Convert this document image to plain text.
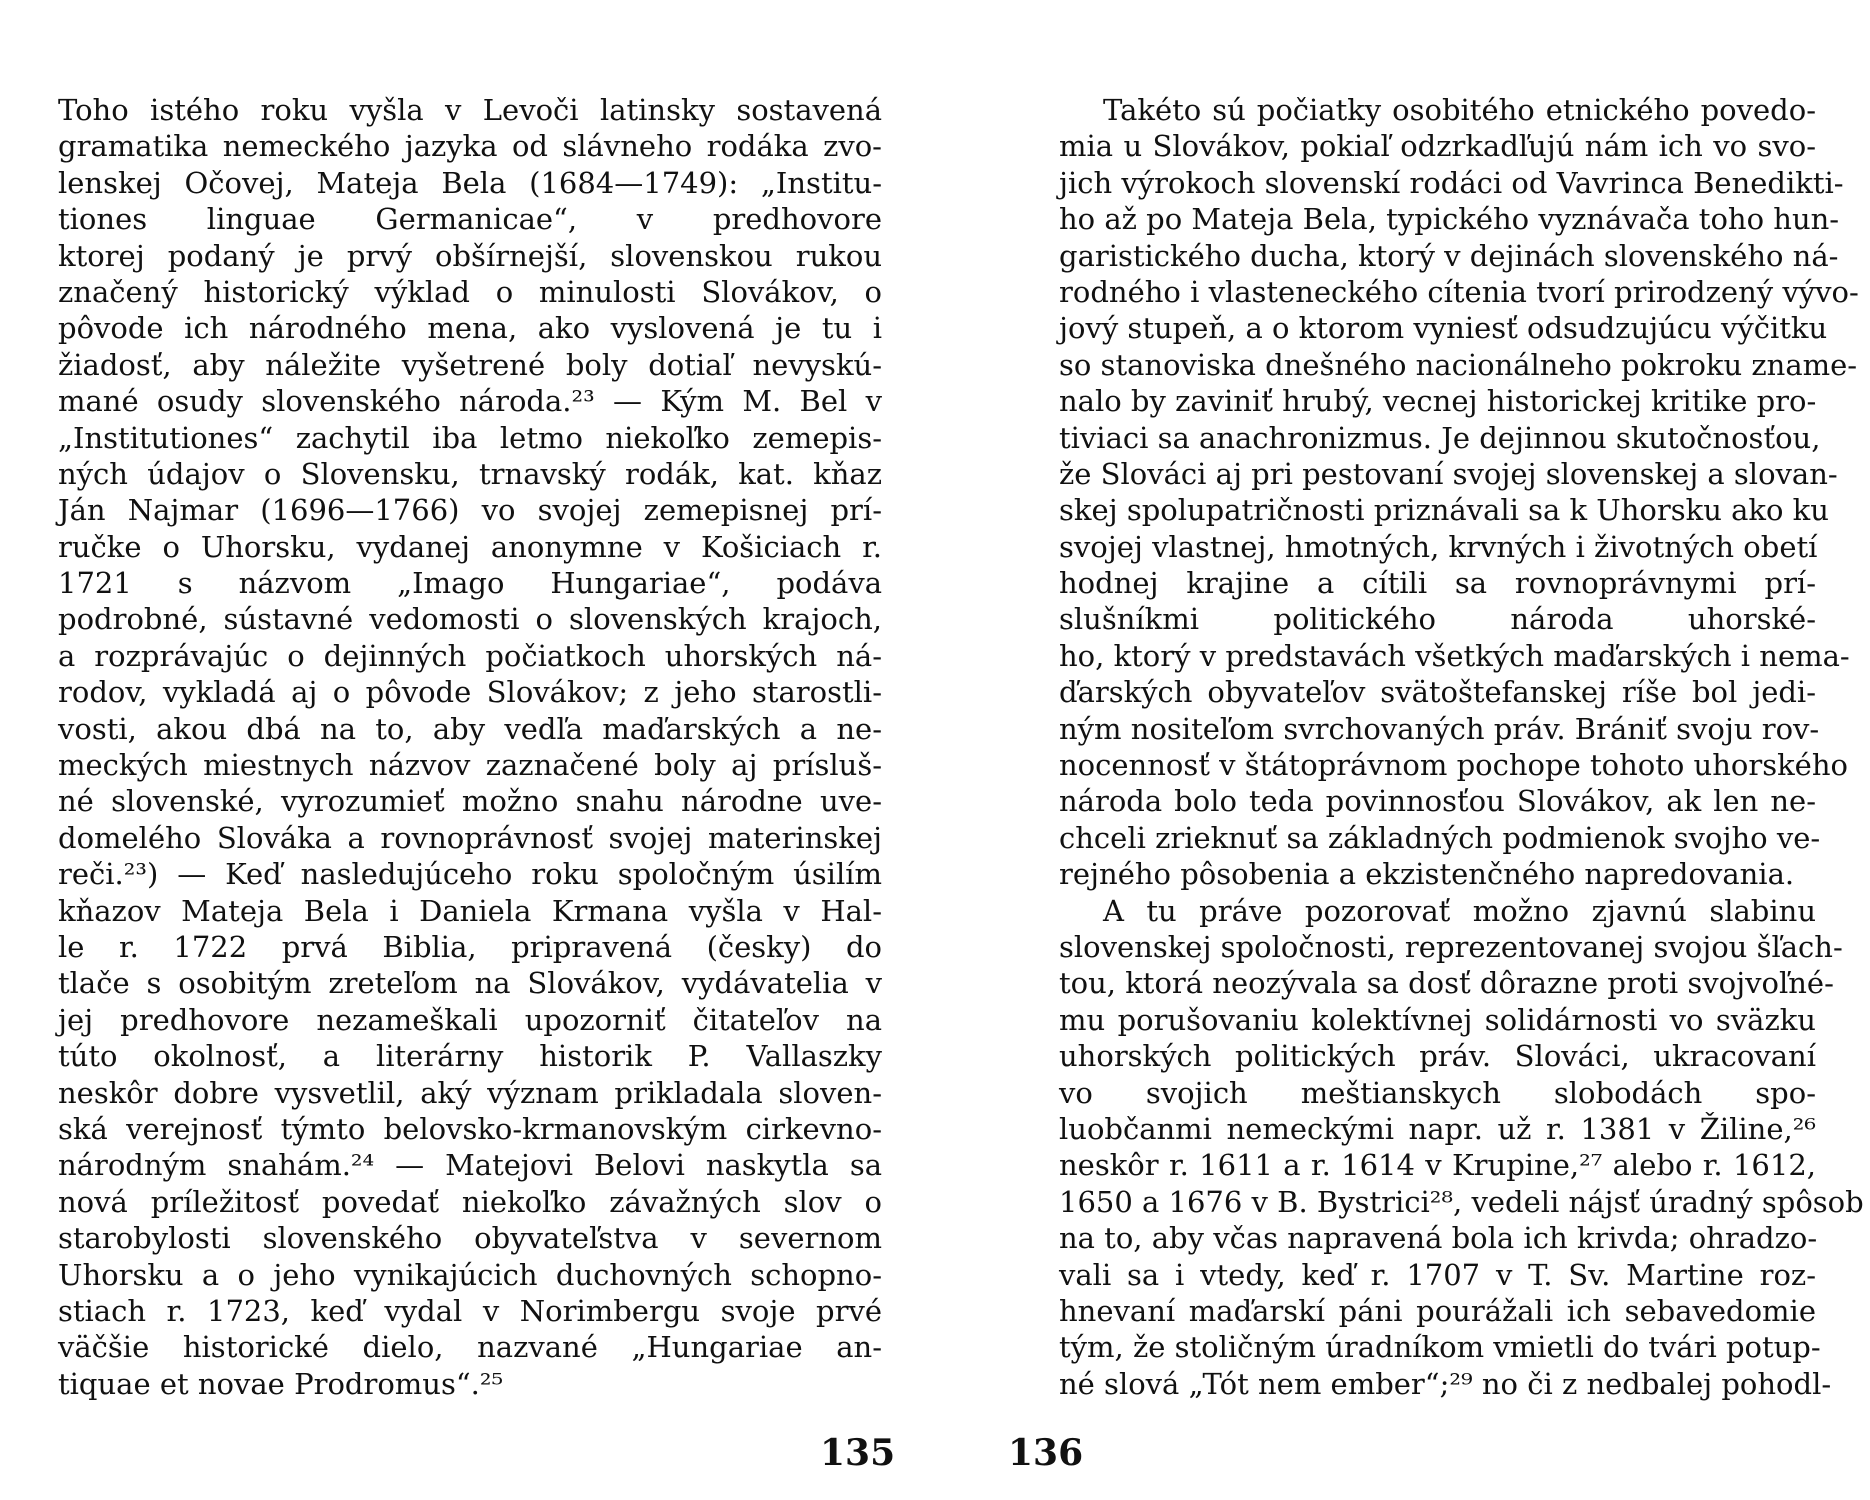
Toho istého roku vyšla v Levoči latinsky sostavená
gramatika nemeckého jazyka od slávneho rodáka zvo-
lenskej Očovej, Mateja Bela (1684—1749): „Institu-
tiones linguae Germanicae“, v predhovore
ktorej podaný je prvý obšírnejší, slovenskou rukou
značený historický výklad o minulosti Slovákov, o
pôvode ich národného mena, ako vyslovená je tu i
žiadosť, aby náležite vyšetrené boly dotiaľ nevyskú-
mané osudy slovenského národa.²³ — Kým M. Bel v
„Institutiones“ zachytil iba letmo niekoľko zemepis-
ných údajov o Slovensku, trnavský rodák, kat. kňaz
Ján Najmar (1696—1766) vo svojej zemepisnej prí-
ručke o Uhorsku, vydanej anonymne v Košiciach r.
1721 s názvom „Imago Hungariae“, podáva
podrobné, sústavné vedomosti o slovenských krajoch,
a rozprávajúc o dejinných počiatkoch uhorských ná-
rodov, vykladá aj o pôvode Slovákov; z jeho starostli-
vosti, akou dbá na to, aby vedľa maďarských a ne-
meckých miestnych názvov zaznačené boly aj prísluš-
né slovenské, vyrozumieť možno snahu národne uve-
domelého Slováka a rovnoprávnosť svojej materinskej
reči.²³) — Keď nasledujúceho roku spoločným úsilím
kňazov Mateja Bela i Daniela Krmana vyšla v Hal-
le r. 1722 prvá Biblia, pripravená (česky) do
tlače s osobitým zreteľom na Slovákov, vydávatelia v
jej predhovore nezameškali upozorniť čitateľov na
túto okolnosť, a literárny historik P. Vallaszky
neskôr dobre vysvetlil, aký význam prikladala sloven-
ská verejnosť týmto belovsko-krmanovským cirkevno-
národným snahám.²⁴ — Matejovi Belovi naskytla sa
nová príležitosť povedať niekoľko závažných slov o
starobylosti slovenského obyvateľstva v severnom
Uhorsku a o jeho vynikajúcich duchovných schopno-
stiach r. 1723, keď vydal v Norimbergu svoje prvé
väčšie historické dielo, nazvané „Hungariae an-
tiquae et novae Prodromus“.²⁵
Takéto sú počiatky osobitého etnického povedo-
mia u Slovákov, pokiaľ odzrkadľujú nám ich vo svo-
jich výrokoch slovenskí rodáci od Vavrinca Benedikti-
ho až po Mateja Bela, typického vyznávača toho hun-
garistického ducha, ktorý v dejinách slovenského ná-
rodného i vlasteneckého cítenia tvorí prirodzený vývo-
jový stupeň, a o ktorom vyniesť odsudzujúcu výčitku
so stanoviska dnešného nacionálneho pokroku zname-
nalo by zaviniť hrubý, vecnej historickej kritike pro-
tiviaci sa anachronizmus. Je dejinnou skutočnosťou,
že Slováci aj pri pestovaní svojej slovenskej a slovan-
skej spolupatričnosti priznávali sa k Uhorsku ako ku
svojej vlastnej, hmotných, krvných i životných obetí
hodnej krajine a cítili sa rovnoprávnymi prí-
slušníkmi politického národa uhorské-
ho, ktorý v predstavách všetkých maďarských i nema-
ďarských obyvateľov svätoštefanskej ríše bol jedi-
ným nositeľom svrchovaných práv. Brániť svoju rov-
nocennosť v štátoprávnom pochope tohoto uhorského
národa bolo teda povinnosťou Slovákov, ak len ne-
chceli zrieknuť sa základných podmienok svojho ve-
rejného pôsobenia a ekzistenčného napredovania.
A tu práve pozorovať možno zjavnú slabinu
slovenskej spoločnosti, reprezentovanej svojou šľach-
tou, ktorá neozývala sa dosť dôrazne proti svojvoľné-
mu porušovaniu kolektívnej solidárnosti vo sväzku
uhorských politických práv. Slováci, ukracovaní
vo svojich meštianskych slobodách spo-
luobčanmi nemeckými napr. už r. 1381 v Žiline,²⁶
neskôr r. 1611 a r. 1614 v Krupine,²⁷ alebo r. 1612,
1650 a 1676 v B. Bystrici²⁸, vedeli nájsť úradný spôsob
na to, aby včas napravená bola ich krivda; ohradzo-
vali sa i vtedy, keď r. 1707 v T. Sv. Martine roz-
hnevaní maďarskí páni pourážali ich sebavedomie
tým, že stoličným úradníkom vmietli do tvári potup-
né slová „Tót nem ember“;²⁹ no či z nedbalej pohodl-
135	136
